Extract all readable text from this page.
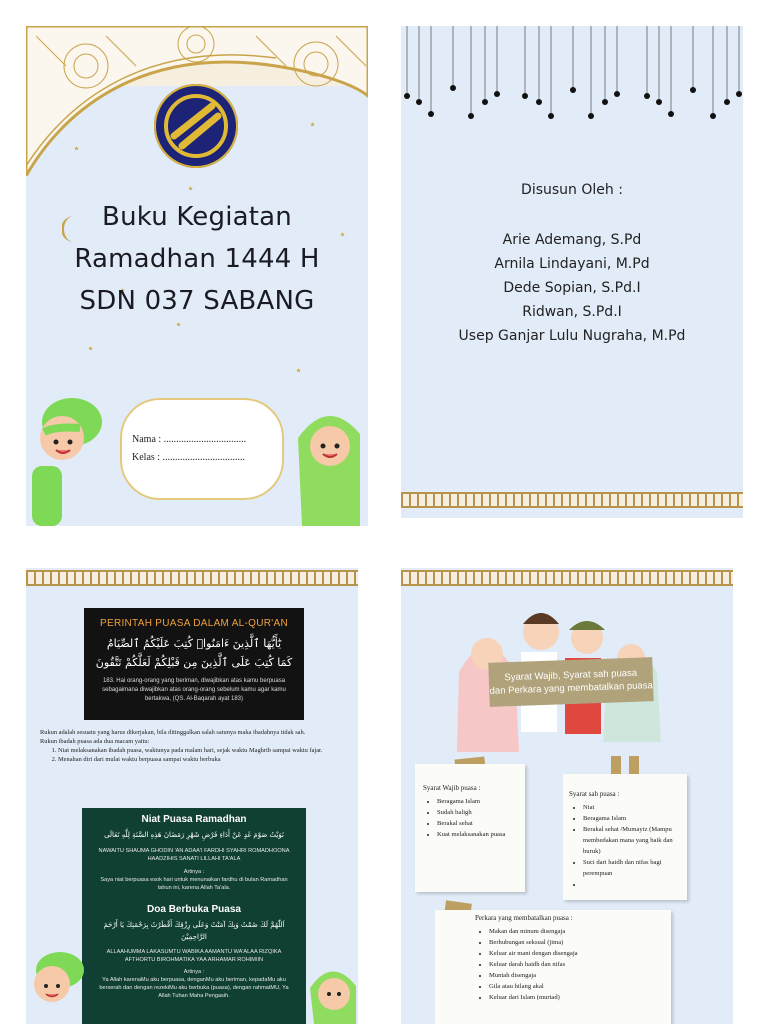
Buku Kegiatan
Ramadhan 1444 H
SDN 037 SABANG
Nama : .................................
Kelas : .................................
Disusun Oleh :
Arie Ademang, S.Pd
Arnila Lindayani, M.Pd
Dede Sopian, S.Pd.I
Ridwan, S.Pd.I
Usep Ganjar Lulu Nugraha, M.Pd
PERINTAH PUASA DALAM AL-QUR'AN
يَٰٓأَيُّهَا ٱلَّذِينَ ءَامَنُوا۟ كُتِبَ عَلَيْكُمُ ٱلصِّيَامُ
كَمَا كُتِبَ عَلَى ٱلَّذِينَ مِن قَبْلِكُمْ لَعَلَّكُمْ تَتَّقُونَ
183. Hai orang-orang yang beriman, diwajibkan atas kamu berpuasa sebagaimana diwajibkan atas orang-orang sebelum kamu agar kamu bertakwa, (QS. Al-Baqarah ayat 183)
Rukun adalah sesuatu yang harus dikerjakan, bila ditinggalkan salah satunya maka ibadahnya tidak sah.
Rukun ibadah puasa ada dua macam yaitu:
1. Niat melaksanakan ibadah puasa, waktunya pada malam hari, sejak waktu Maghrib sampai waktu fajar.
2. Menahan diri dari mulai waktu berpuasa sampai waktu berbuka
Niat Puasa Ramadhan
نَوَيْتُ صَوْمَ غَدٍ عَنْ أَدَاءِ فَرْضِ شَهْرِ رَمَضَانَ هَذِهِ السَّنَةِ لِلَّهِ تَعَالَى
NAWAITU SHAUMA GHODIN 'AN ADAA'I FARDHI SYAHRI ROMADHOONA HAADZIHIS SANATI LILLAHI TA'ALA
Artinya :
Saya niat berpuasa esok hari untuk menunaikan fardhu di bulan Ramadhan tahun ini, karena Allah Ta'ala.
Doa Berbuka Puasa
اَللّٰهُمَّ لَكَ صُمْتُ وَبِكَ آمَنْتُ وَعَلَى رِزْقِكَ أَفْطَرْتُ بِرَحْمَتِكَ يَا أَرْحَمَ الرَّاحِمِيْنَ
ALLAAHUMMA LAKASUMTU WABIKA AAMANTU WA'ALAA RIZQIKA AFTHORTU BIROHMATIKA YAA ARHAMAR ROHIMIIN
Artinya :
Ya Allah karenaMu aku berpuasa, denganMu aku beriman, kepadaMu aku berserah dan dengan rezekiMu aku berbuka (puasa), dengan rahmatMU, Ya Allah Tuhan Maha Pengasih.
Syarat Wajib, Syarat sah puasa
dan Perkara yang membatalkan puasa
Syarat Wajib puasa :
• Beragama Islam
• Sudah baligh
• Berakal sehat
• Kuat melaksanakan puasa
Syarat sah puasa :
• Niat
• Beragama Islam
• Berakal sehat /Mumayiz (Mampu membedakan mana yang baik dan buruk)
• Suci dari haidh dan nifas bagi perempuan
•
Perkara yang membatalkan puasa :
• Makan dan minum disengaja
• Berhubungan seksual (jima)
• Keluar air mani dengan disengaja
• Keluar darah haidh dan nifas
• Muntah disengaja
• Gila atau hilang akal
• Keluar dari Islam (murtad)
